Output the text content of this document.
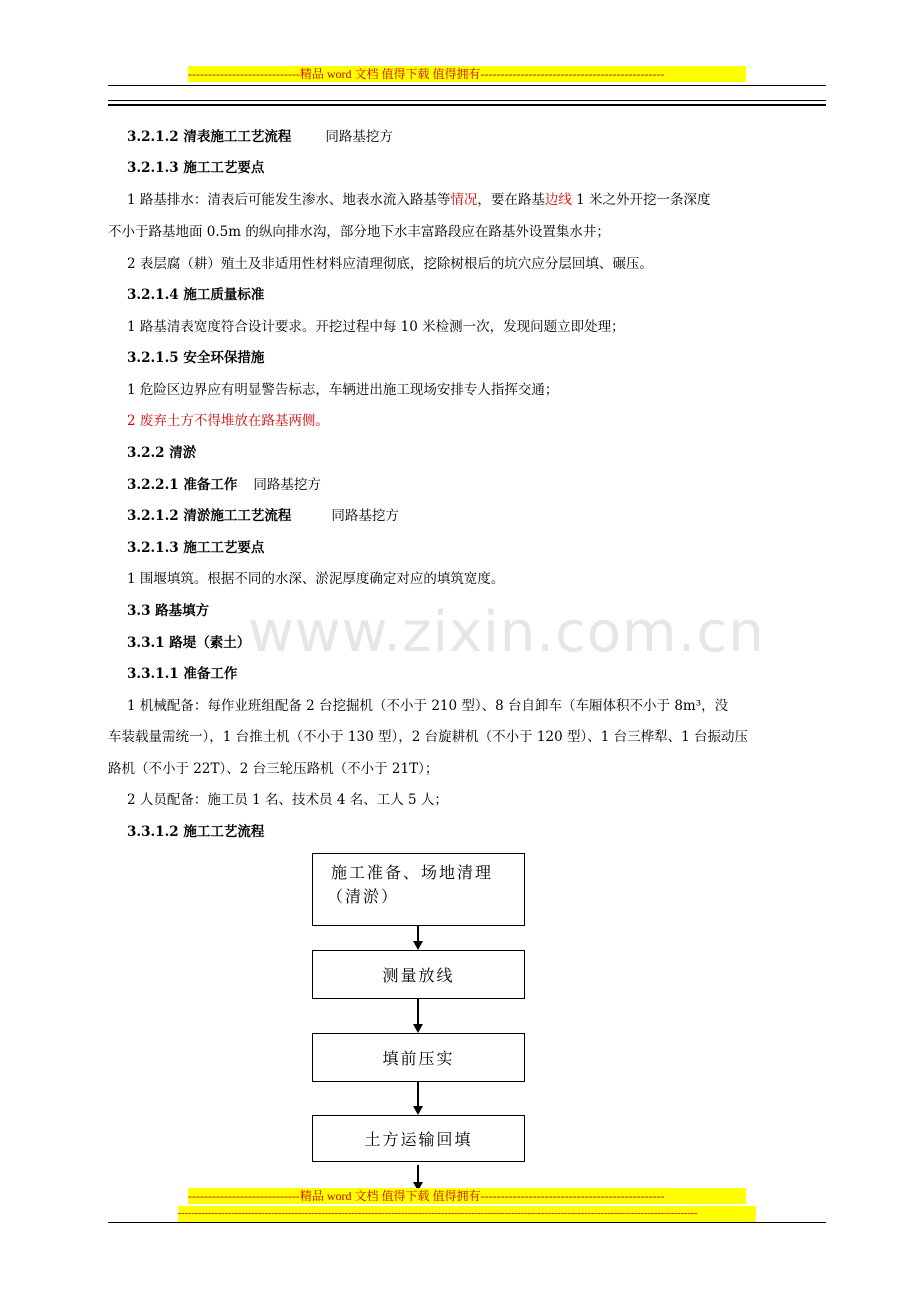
----------------------------精品 word 文档 值得下载 值得拥有----------------------------------------------
www.zixin.com.cn
3.2.1.2 清表施工工艺流程	同路基挖方
3.2.1.3 施工工艺要点
1 路基排水：清表后可能发生渗水、地表水流入路基等情况，要在路基边线 1 米之外开挖一条深度
不小于路基地面 0.5m 的纵向排水沟，部分地下水丰富路段应在路基外设置集水井；
2 表层腐（耕）殖土及非适用性材料应清理彻底，挖除树根后的坑穴应分层回填、碾压。
3.2.1.4 施工质量标准
1 路基清表宽度符合设计要求。开挖过程中每 10 米检测一次，发现问题立即处理；
3.2.1.5 安全环保措施
1 危险区边界应有明显警告标志，车辆进出施工现场安排专人指挥交通；
2 废弃土方不得堆放在路基两侧。
3.2.2 清淤
3.2.2.1 准备工作 同路基挖方
3.2.1.2 清淤施工工艺流程	同路基挖方
3.2.1.3 施工工艺要点
1 围堰填筑。根据不同的水深、淤泥厚度确定对应的填筑宽度。
3.3 路基填方
3.3.1 路堤（素土）
3.3.1.1 准备工作
1 机械配备：每作业班组配备 2 台挖掘机（不小于 210 型）、8 台自卸车（车厢体积不小于 8m³，没
车装载量需统一），1 台推土机（不小于 130 型），2 台旋耕机（不小于 120 型）、1 台三桦犁、1 台振动压
路机（不小于 22T）、2 台三轮压路机（不小于 21T）；
2 人员配备：施工员 1 名、技术员 4 名、工人 5 人；
3.3.1.2 施工工艺流程
施工准备、场地清理
（清淤）
测量放线
填前压实
土方运输回填
----------------------------精品 word 文档 值得下载 值得拥有----------------------------------------------
------------------------------------------------------------------------------------------------------------------------------------------------------------
